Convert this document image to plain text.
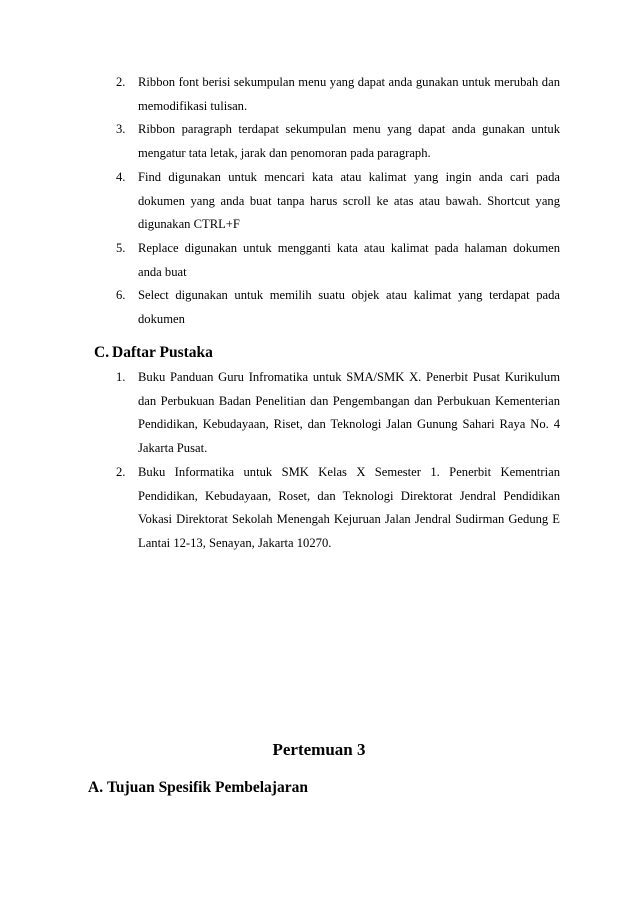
2. Ribbon font berisi sekumpulan menu yang dapat anda gunakan untuk merubah dan memodifikasi tulisan.
3. Ribbon paragraph terdapat sekumpulan menu yang dapat anda gunakan untuk mengatur tata letak, jarak dan penomoran pada paragraph.
4. Find digunakan untuk mencari kata atau kalimat yang ingin anda cari pada dokumen yang anda buat tanpa harus scroll ke atas atau bawah. Shortcut yang digunakan CTRL+F
5. Replace digunakan untuk mengganti kata atau kalimat pada halaman dokumen anda buat
6. Select digunakan untuk memilih suatu objek atau kalimat yang terdapat pada dokumen
C. Daftar Pustaka
1. Buku Panduan Guru Infromatika untuk SMA/SMK X. Penerbit Pusat Kurikulum dan Perbukuan Badan Penelitian dan Pengembangan dan Perbukuan Kementerian Pendidikan, Kebudayaan, Riset, dan Teknologi Jalan Gunung Sahari Raya No. 4 Jakarta Pusat.
2. Buku Informatika untuk SMK Kelas X Semester 1. Penerbit Kementrian Pendidikan, Kebudayaan, Roset, dan Teknologi Direktorat Jendral Pendidikan Vokasi Direktorat Sekolah Menengah Kejuruan Jalan Jendral Sudirman Gedung E Lantai 12-13, Senayan, Jakarta 10270.
Pertemuan 3
A. Tujuan Spesifik Pembelajaran
